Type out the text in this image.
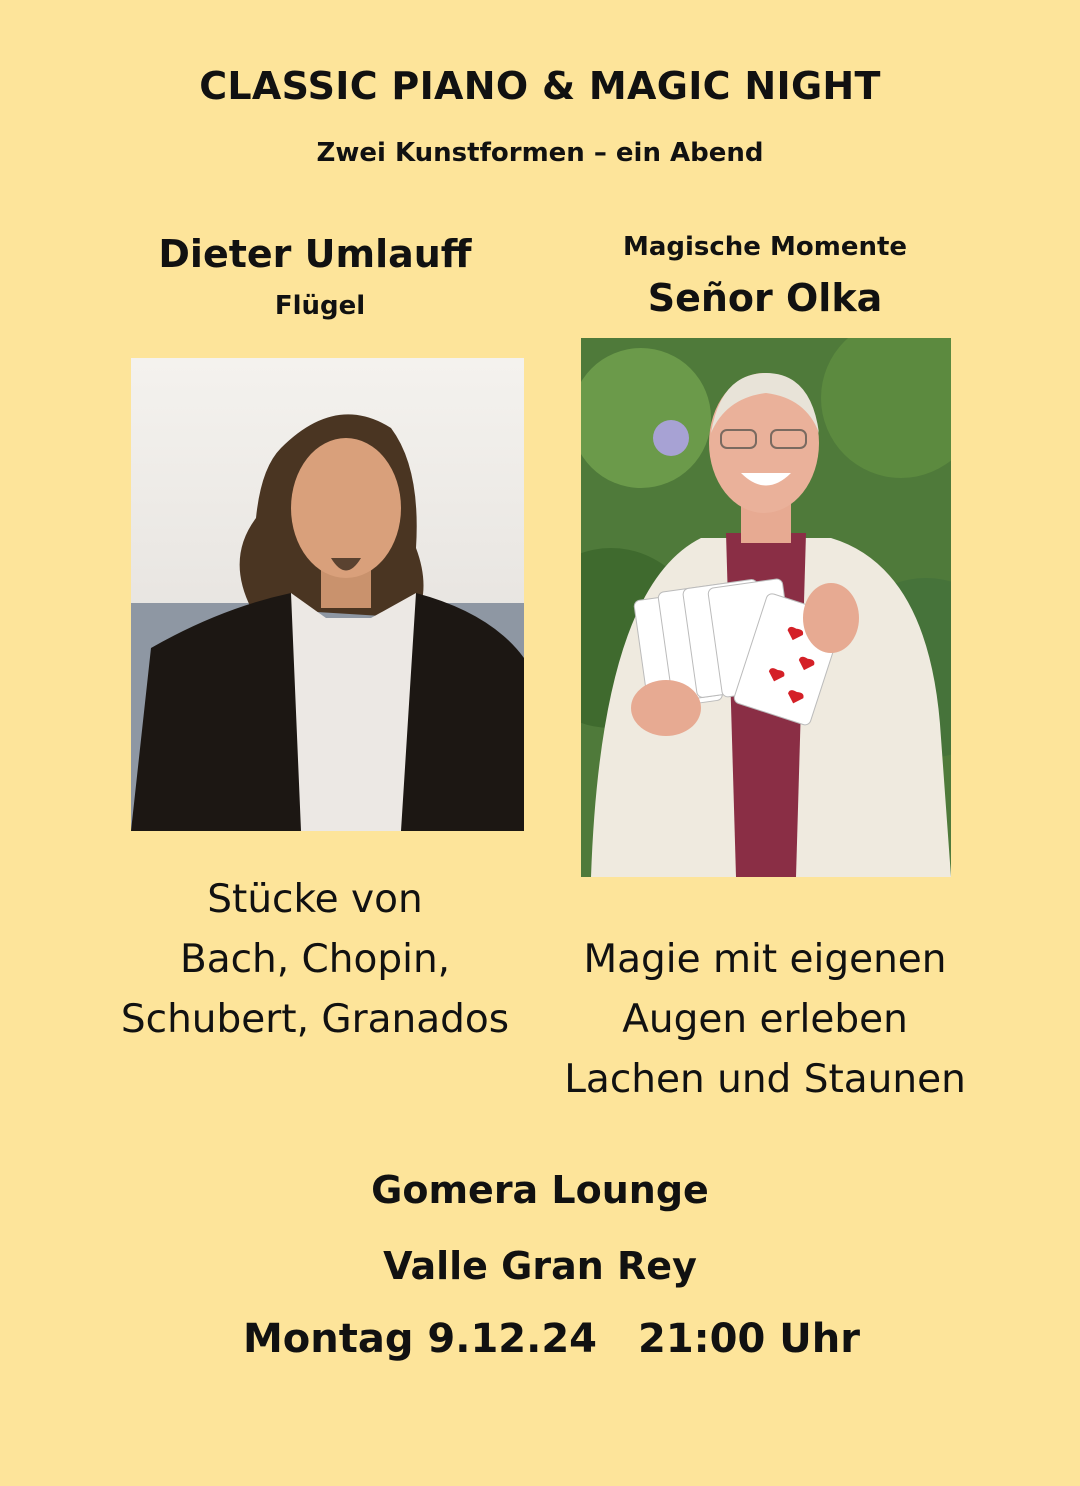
CLASSIC PIANO & MAGIC NIGHT
Zwei Kunstformen – ein Abend
Dieter Umlauff
Flügel
Magische Momente
Señor Olka
Stücke von
Bach, Chopin,
Schubert, Granados
Magie mit eigenen
Augen erleben
Lachen und Staunen
Gomera Lounge
Valle Gran Rey
Montag 9.12.24 21:00 Uhr
